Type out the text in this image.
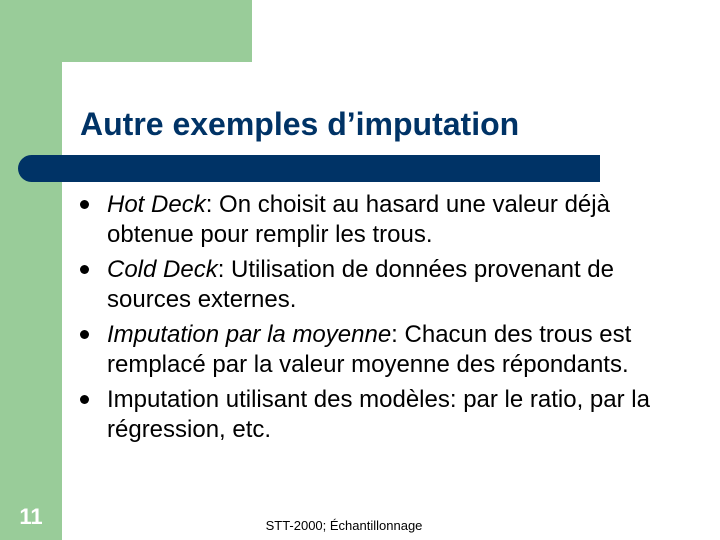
Autre exemples d’imputation
Hot Deck: On choisit au hasard une valeur déjà obtenue pour remplir les trous.
Cold Deck: Utilisation de données provenant de sources externes.
Imputation par la moyenne: Chacun des trous est remplacé par la valeur moyenne des répondants.
Imputation utilisant des modèles: par le ratio, par la régression, etc.
11	STT-2000; Échantillonnage
